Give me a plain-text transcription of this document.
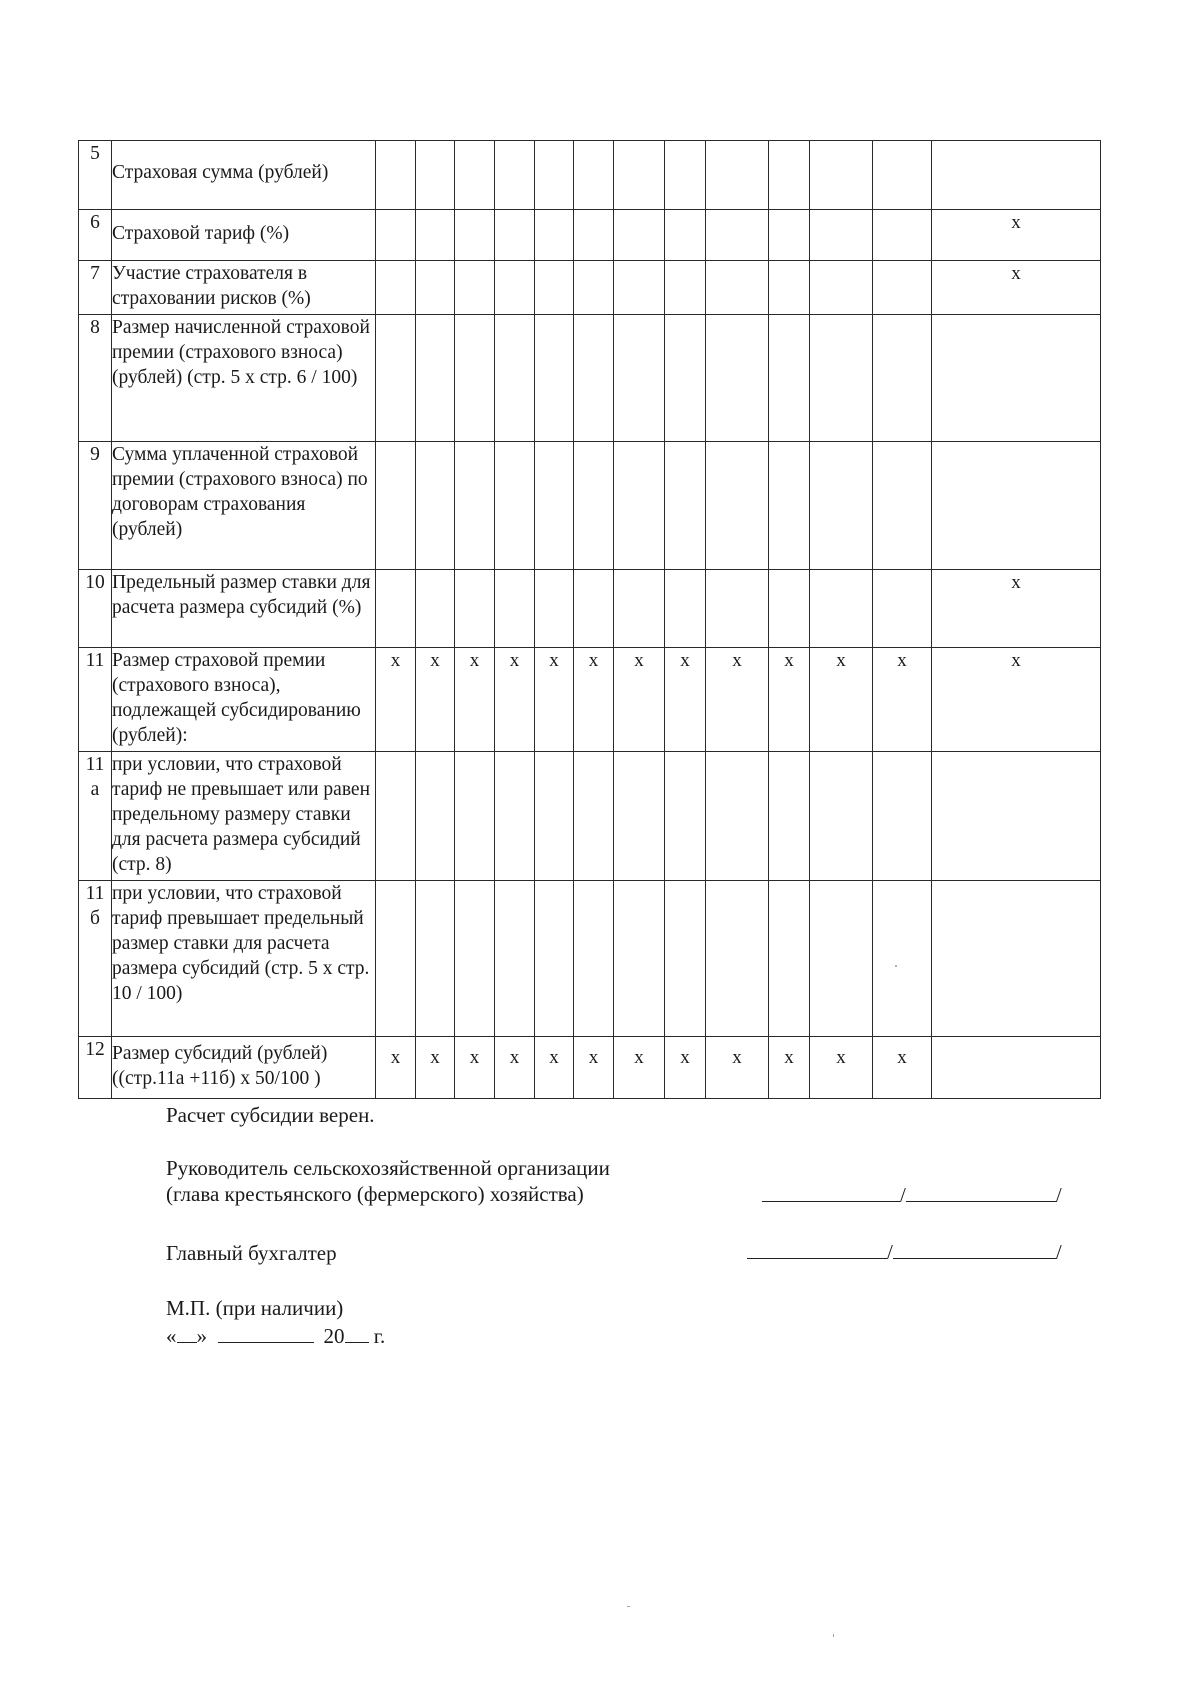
5	Страховая сумма (рублей)													
6	Страховой тариф (%)													x
7	Участие страхователя в страховании рисков (%)													x
8	Размер начисленной страховой премии (страхового взноса) (рублей) (стр. 5 х стр. 6 / 100)													
9	Сумма уплаченной страховой премии (страхового взноса) по договорам страхования (рублей)													
10	Предельный размер ставки для расчета размера субсидий (%)													x
11	Размер страховой премии (страхового взноса), подлежащей субсидированию (рублей):	x	x	x	x	x	x	x	x	x	x	x	x	x
11 а	при условии, что страховой тариф не превышает или равен предельному размеру ставки для расчета размера субсидий (стр. 8)													
11 б	при условии, что страховой тариф превышает предельный размер ставки для расчета размера субсидий (стр. 5 х стр. 10 / 100)													
12	Размер субсидий (рублей) ((стр.11а +11б) х 50/100 )	x	x	x	x	x	x	x	x	x	x	x	x	
Расчет субсидии верен.
Руководитель сельскохозяйственной организации
(глава крестьянского (фермерского) хозяйства)	/	/
Главный бухгалтер	/	/
М.П. (при наличии)
« »	20 г.
